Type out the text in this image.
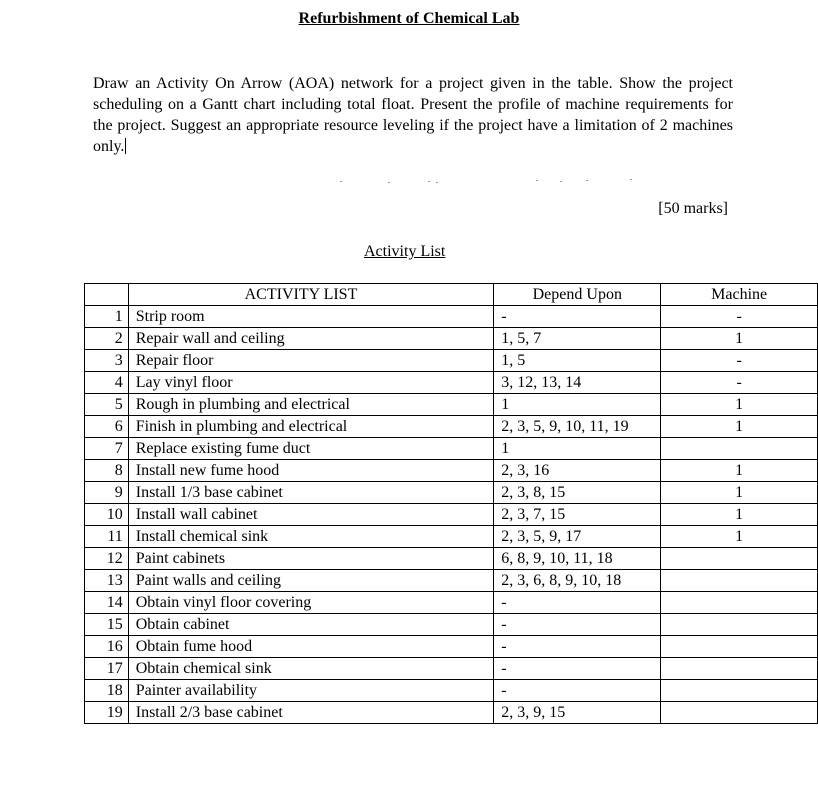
Refurbishment of Chemical Lab
Draw an Activity On Arrow (AOA) network for a project given in the table. Show the project scheduling on a Gantt chart including total float. Present the profile of machine requirements for the project. Suggest an appropriate resource leveling if the project have a limitation of 2 machines only.
[50 marks]
Activity List
	ACTIVITY LIST	Depend Upon	Machine
1	Strip room	-	-
2	Repair wall and ceiling	1, 5, 7	1
3	Repair floor	1, 5	-
4	Lay vinyl floor	3, 12, 13, 14	-
5	Rough in plumbing and electrical	1	1
6	Finish in plumbing and electrical	2, 3, 5, 9, 10, 11, 19	1
7	Replace existing fume duct	1	
8	Install new fume hood	2, 3, 16	1
9	Install 1/3 base cabinet	2, 3, 8, 15	1
10	Install wall cabinet	2, 3, 7, 15	1
11	Install chemical sink	2, 3, 5, 9, 17	1
12	Paint cabinets	6, 8, 9, 10, 11, 18	
13	Paint walls and ceiling	2, 3, 6, 8, 9, 10, 18	
14	Obtain vinyl floor covering	-	
15	Obtain cabinet	-	
16	Obtain fume hood	-	
17	Obtain chemical sink	-	
18	Painter availability	-	
19	Install 2/3 base cabinet	2, 3, 9, 15	
